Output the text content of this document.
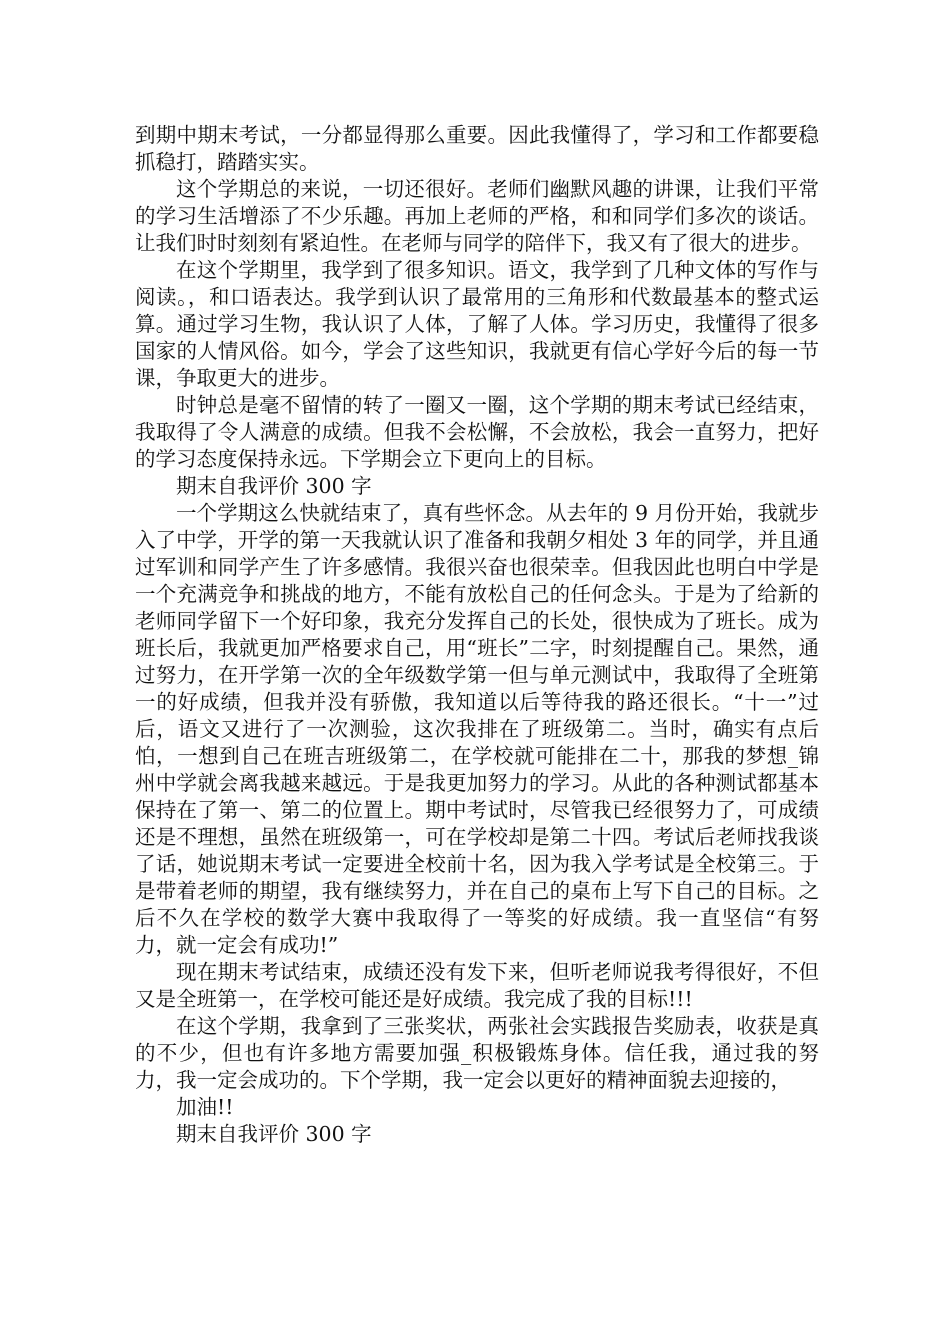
到期中期末考试，一分都显得那么重要。因此我懂得了，学习和工作都要稳抓稳打，踏踏实实。

这个学期总的来说，一切还很好。老师们幽默风趣的讲课，让我们平常的学习生活增添了不少乐趣。再加上老师的严格，和和同学们多次的谈话。让我们时时刻刻有紧迫性。在老师与同学的陪伴下，我又有了很大的进步。

在这个学期里，我学到了很多知识。语文，我学到了几种文体的写作与阅读。，和口语表达。我学到认识了最常用的三角形和代数最基本的整式运算。通过学习生物，我认识了人体，了解了人体。学习历史，我懂得了很多国家的人情风俗。如今，学会了这些知识，我就更有信心学好今后的每一节课，争取更大的进步。

时钟总是毫不留情的转了一圈又一圈，这个学期的期末考试已经结束，我取得了令人满意的成绩。但我不会松懈，不会放松，我会一直努力，把好的学习态度保持永远。下学期会立下更向上的目标。

期末自我评价 300 字

一个学期这么快就结束了，真有些怀念。从去年的 9 月份开始，我就步入了中学，开学的第一天我就认识了准备和我朝夕相处 3 年的同学，并且通过军训和同学产生了许多感情。我很兴奋也很荣幸。但我因此也明白中学是一个充满竞争和挑战的地方，不能有放松自己的任何念头。于是为了给新的老师同学留下一个好印象，我充分发挥自己的长处，很快成为了班长。成为班长后，我就更加严格要求自己，用“班长”二字，时刻提醒自己。果然，通过努力，在开学第一次的全年级数学第一但与单元测试中，我取得了全班第一的好成绩，但我并没有骄傲，我知道以后等待我的路还很长。“十一”过后，语文又进行了一次测验，这次我排在了班级第二。当时，确实有点后怕，一想到自己在班吉班级第二，在学校就可能排在二十，那我的梦想_锦州中学就会离我越来越远。于是我更加努力的学习。从此的各种测试都基本保持在了第一、第二的位置上。期中考试时，尽管我已经很努力了，可成绩还是不理想，虽然在班级第一，可在学校却是第二十四。考试后老师找我谈了话，她说期末考试一定要进全校前十名，因为我入学考试是全校第三。于是带着老师的期望，我有继续努力，并在自己的桌布上写下自己的目标。之后不久在学校的数学大赛中我取得了一等奖的好成绩。我一直坚信“有努力，就一定会有成功!”

现在期末考试结束，成绩还没有发下来，但听老师说我考得很好，不但又是全班第一，在学校可能还是好成绩。我完成了我的目标!!!

在这个学期，我拿到了三张奖状，两张社会实践报告奖励表，收获是真的不少，但也有许多地方需要加强_积极锻炼身体。信任我，通过我的努力，我一定会成功的。下个学期，我一定会以更好的精神面貌去迎接的，

加油!!

期末自我评价 300 字
